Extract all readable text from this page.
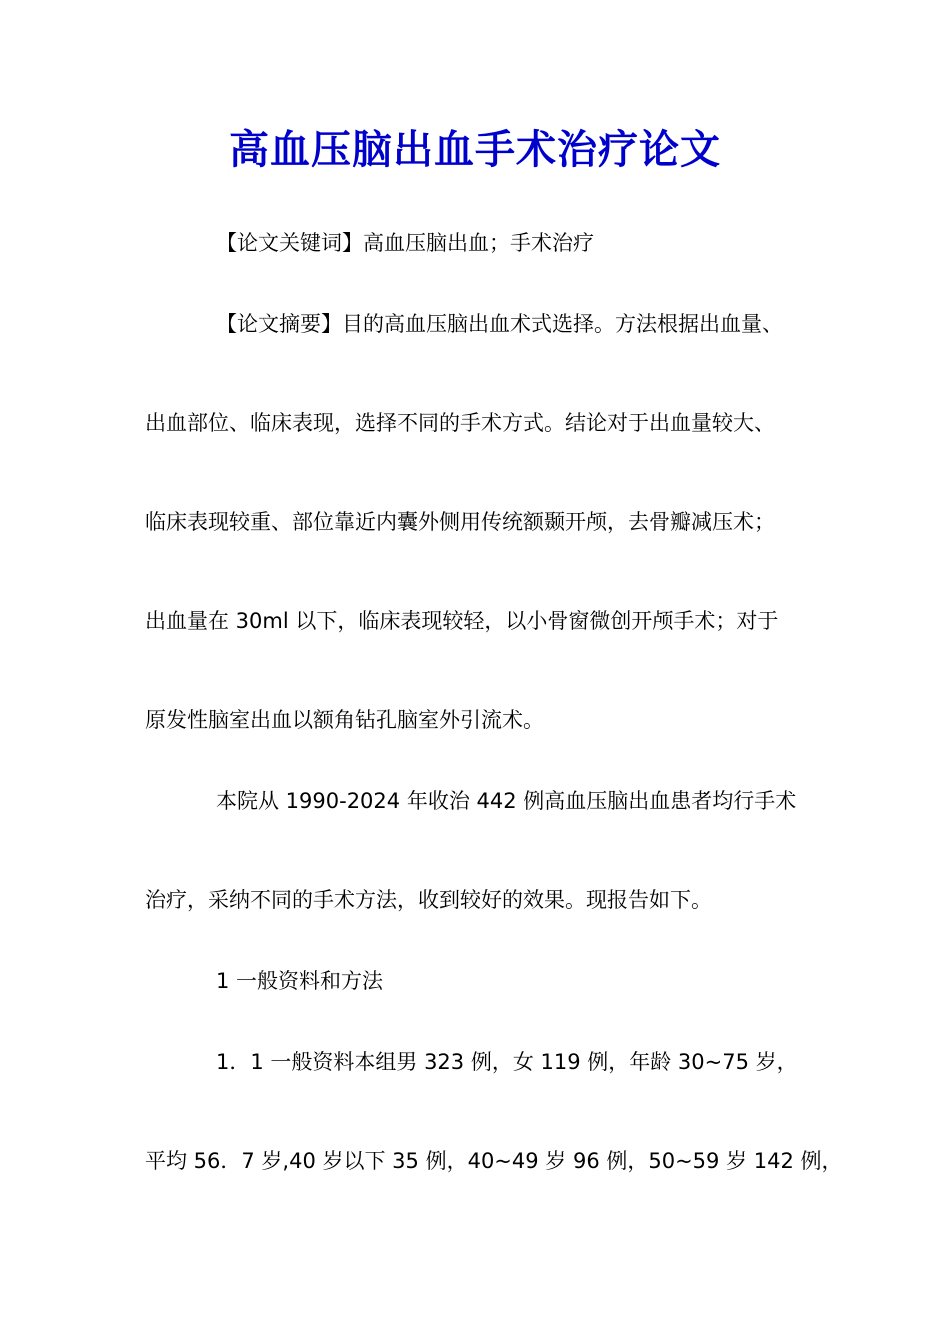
高血压脑出血手术治疗论文
【论文关键词】高血压脑出血；手术治疗
【论文摘要】目的高血压脑出血术式选择。方法根据出血量、
出血部位、临床表现，选择不同的手术方式。结论对于出血量较大、
临床表现较重、部位靠近内囊外侧用传统额颞开颅，去骨瓣减压术；
出血量在 30ml 以下，临床表现较轻，以小骨窗微创开颅手术；对于
原发性脑室出血以额角钻孔脑室外引流术。
本院从 1990-2024 年收治 442 例高血压脑出血患者均行手术
治疗，采纳不同的手术方法，收到较好的效果。现报告如下。
1 一般资料和方法
1．1 一般资料本组男 323 例，女 119 例，年龄 30~75 岁，
平均 56．7 岁,40 岁以下 35 例，40~49 岁 96 例，50~59 岁 142 例，
